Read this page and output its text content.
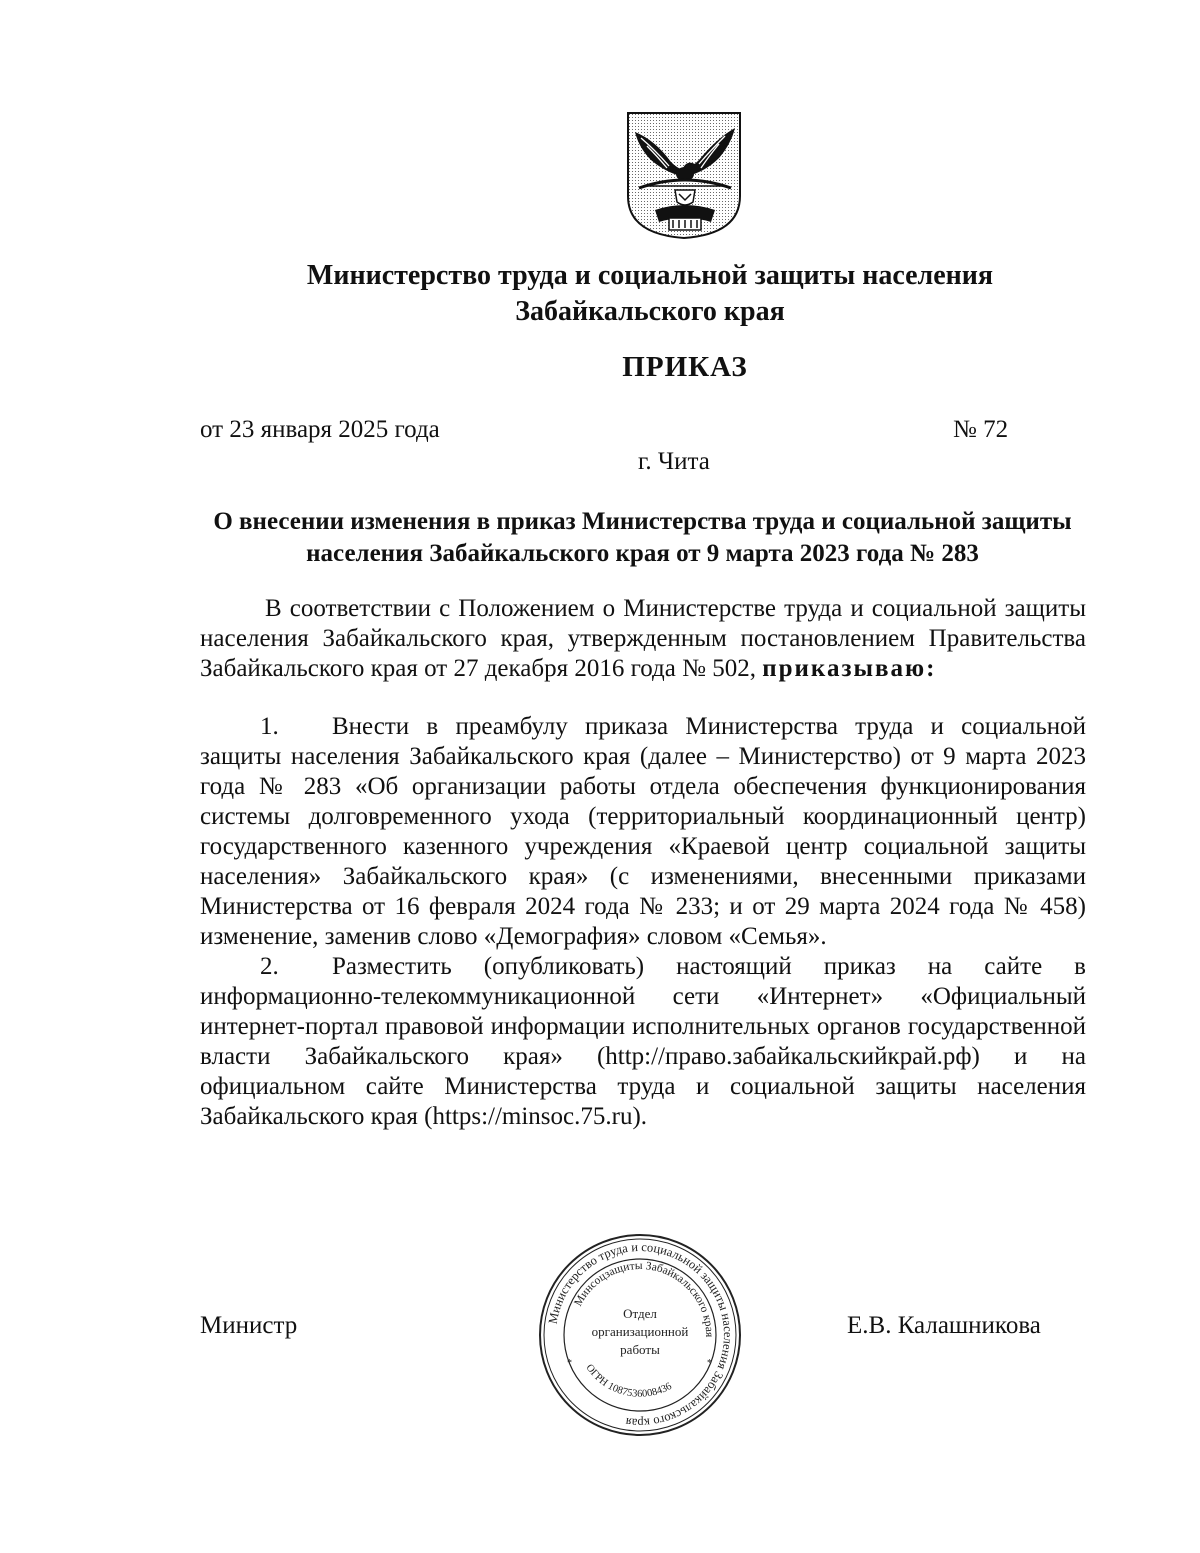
Министерство труда и социальной защиты населения
Забайкальского края
ПРИКАЗ
от 23 января 2025 года	№ 72
г. Чита
О внесении изменения в приказ Министерства труда и социальной защиты
населения Забайкальского края от 9 марта 2023 года № 283

В соответствии с Положением о Министерстве труда и социальной защиты населения Забайкальского края, утвержденным постановлением Правительства Забайкальского края от 27 декабря 2016 года № 502, приказываю:

1. Внести в преамбулу приказа Министерства труда и социальной защиты населения Забайкальского края (далее – Министерство) от 9 марта 2023 года № 283 «Об организации работы отдела обеспечения функционирования системы долговременного ухода (территориальный координационный центр) государственного казенного учреждения «Краевой центр социальной защиты населения» Забайкальского края» (с изменениями, внесенными приказами Министерства от 16 февраля 2024 года № 233; и от 29 марта 2024 года № 458) изменение, заменив слово «Демография» словом «Семья».

2. Разместить (опубликовать) настоящий приказ на сайте в информационно-телекоммуникационной сети «Интернет» «Официальный интернет-портал правовой информации исполнительных органов государственной власти Забайкальского края» (http://право.забайкальскийкрай.рф) и на официальном сайте Министерства труда и социальной защиты населения Забайкальского края (https://minsoc.75.ru).

Министр	Министерство труда и социальной защиты населения Забайкальского края
Минсоцзащиты Забайкальского края
ОГРН 1087536008436
Отдел
организационной
работы
*	*
Е.В. Калашникова
